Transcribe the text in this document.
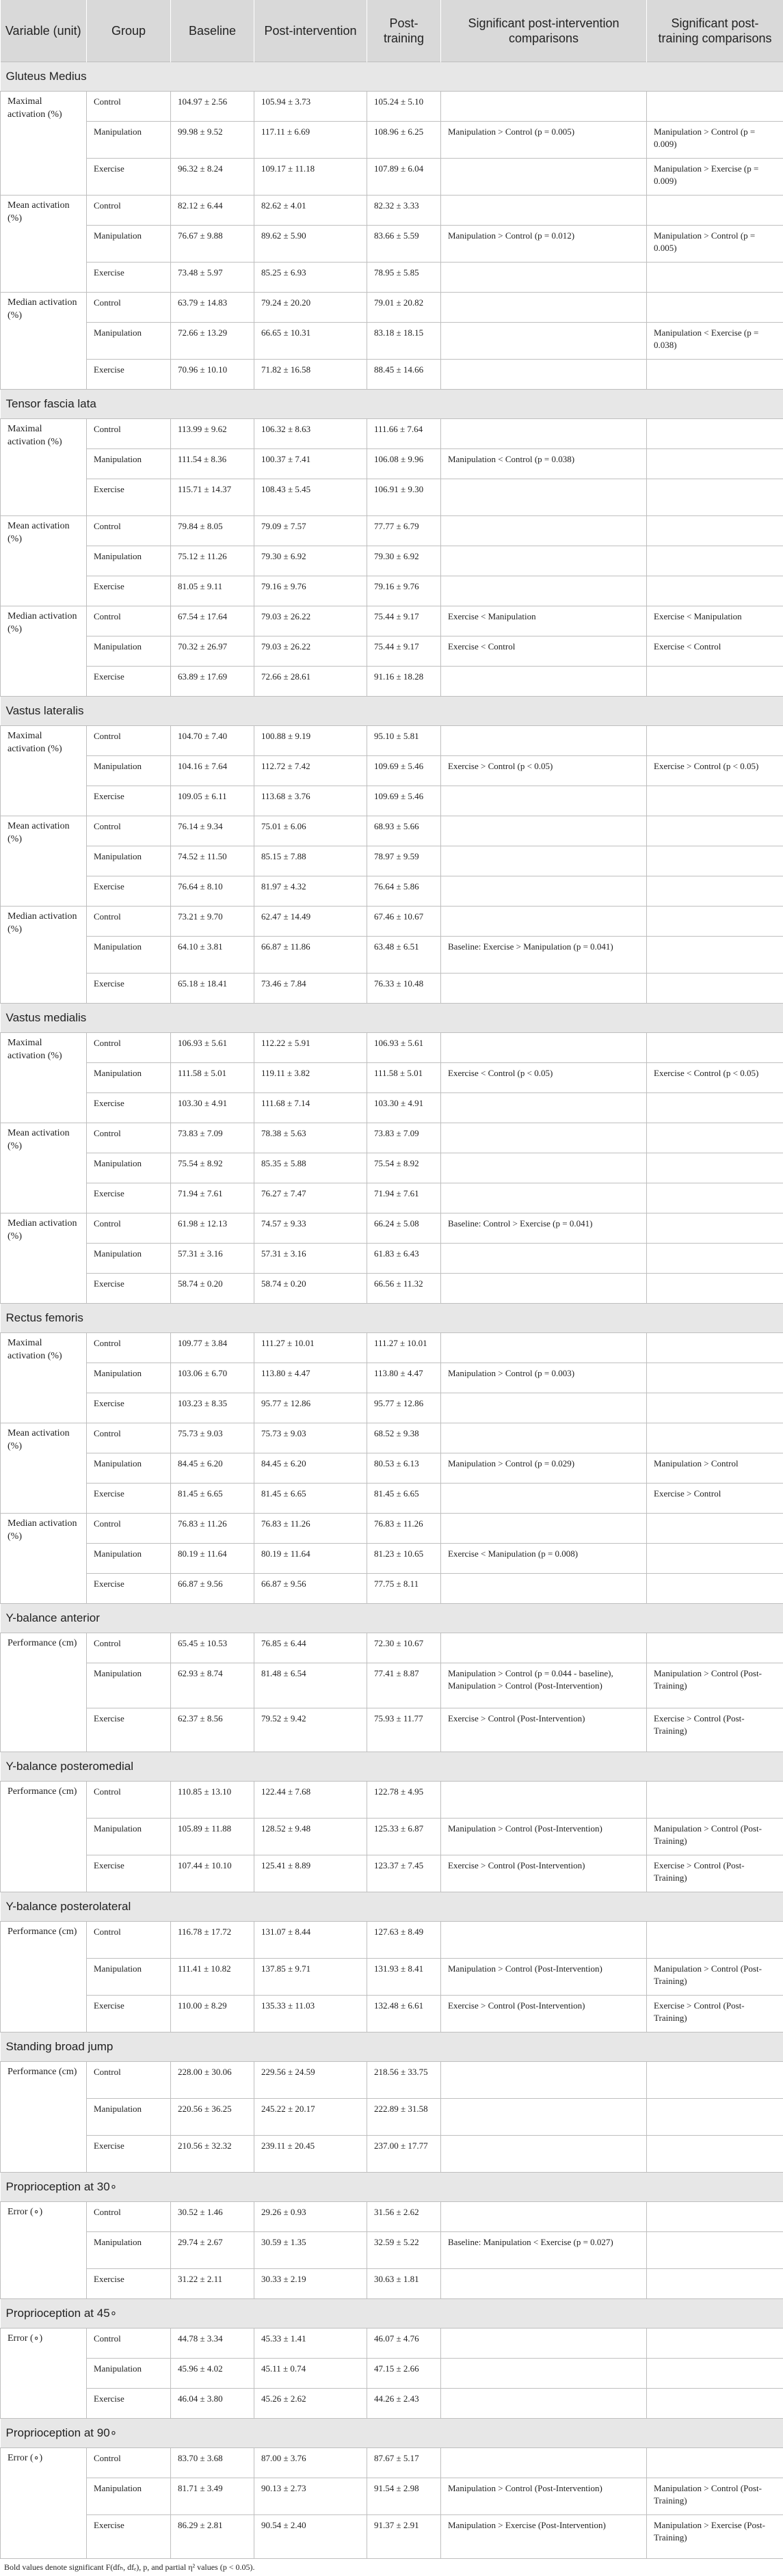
Variable (unit)	Group	Baseline	Post-intervention	Post-training	Significant post-intervention comparisons	Significant post-training comparisons
Gluteus Medius						
Maximal activation (%)	Control	104.97 ± 2.56	105.94 ± 3.73	105.24 ± 5.10		
	Manipulation	99.98 ± 9.52	117.11 ± 6.69	108.96 ± 6.25	Manipulation > Control (p = 0.005)	Manipulation > Control (p = 0.009)
	Exercise	96.32 ± 8.24	109.17 ± 11.18	107.89 ± 6.04		Manipulation > Exercise (p = 0.009)
Mean activation (%)	Control	82.12 ± 6.44	82.62 ± 4.01	82.32 ± 3.33		
	Manipulation	76.67 ± 9.88	89.62 ± 5.90	83.66 ± 5.59	Manipulation > Control (p = 0.012)	Manipulation > Control (p = 0.005)
	Exercise	73.48 ± 5.97	85.25 ± 6.93	78.95 ± 5.85		
Median activation (%)	Control	63.79 ± 14.83	79.24 ± 20.20	79.01 ± 20.82		
	Manipulation	72.66 ± 13.29	66.65 ± 10.31	83.18 ± 18.15		Manipulation < Exercise (p = 0.038)
	Exercise	70.96 ± 10.10	71.82 ± 16.58	88.45 ± 14.66		
Tensor fascia lata						
Maximal activation (%)	Control	113.99 ± 9.62	106.32 ± 8.63	111.66 ± 7.64		
	Manipulation	111.54 ± 8.36	100.37 ± 7.41	106.08 ± 9.96	Manipulation < Control (p = 0.038)	
	Exercise	115.71 ± 14.37	108.43 ± 5.45	106.91 ± 9.30		
Mean activation (%)	Control	79.84 ± 8.05	79.09 ± 7.57	77.77 ± 6.79		
	Manipulation	75.12 ± 11.26	79.30 ± 6.92	79.30 ± 6.92		
	Exercise	81.05 ± 9.11	79.16 ± 9.76	79.16 ± 9.76		
Median activation (%)	Control	67.54 ± 17.64	79.03 ± 26.22	75.44 ± 9.17	Exercise < Manipulation	Exercise < Manipulation
	Manipulation	70.32 ± 26.97	79.03 ± 26.22	75.44 ± 9.17	Exercise < Control	Exercise < Control
	Exercise	63.89 ± 17.69	72.66 ± 28.61	91.16 ± 18.28		
Vastus lateralis						
Maximal activation (%)	Control	104.70 ± 7.40	100.88 ± 9.19	95.10 ± 5.81		
	Manipulation	104.16 ± 7.64	112.72 ± 7.42	109.69 ± 5.46	Exercise > Control (p < 0.05)	Exercise > Control (p < 0.05)
	Exercise	109.05 ± 6.11	113.68 ± 3.76	109.69 ± 5.46		
Mean activation (%)	Control	76.14 ± 9.34	75.01 ± 6.06	68.93 ± 5.66		
	Manipulation	74.52 ± 11.50	85.15 ± 7.88	78.97 ± 9.59		
	Exercise	76.64 ± 8.10	81.97 ± 4.32	76.64 ± 5.86		
Median activation (%)	Control	73.21 ± 9.70	62.47 ± 14.49	67.46 ± 10.67		
	Manipulation	64.10 ± 3.81	66.87 ± 11.86	63.48 ± 6.51	Baseline: Exercise > Manipulation (p = 0.041)	
	Exercise	65.18 ± 18.41	73.46 ± 7.84	76.33 ± 10.48		
Vastus medialis						
Maximal activation (%)	Control	106.93 ± 5.61	112.22 ± 5.91	106.93 ± 5.61		
	Manipulation	111.58 ± 5.01	119.11 ± 3.82	111.58 ± 5.01	Exercise < Control (p < 0.05)	Exercise < Control (p < 0.05)
	Exercise	103.30 ± 4.91	111.68 ± 7.14	103.30 ± 4.91		
Mean activation (%)	Control	73.83 ± 7.09	78.38 ± 5.63	73.83 ± 7.09		
	Manipulation	75.54 ± 8.92	85.35 ± 5.88	75.54 ± 8.92		
	Exercise	71.94 ± 7.61	76.27 ± 7.47	71.94 ± 7.61		
Median activation (%)	Control	61.98 ± 12.13	74.57 ± 9.33	66.24 ± 5.08	Baseline: Control > Exercise (p = 0.041)	
	Manipulation	57.31 ± 3.16	57.31 ± 3.16	61.83 ± 6.43		
	Exercise	58.74 ± 0.20	58.74 ± 0.20	66.56 ± 11.32		
Rectus femoris						
Maximal activation (%)	Control	109.77 ± 3.84	111.27 ± 10.01	111.27 ± 10.01		
	Manipulation	103.06 ± 6.70	113.80 ± 4.47	113.80 ± 4.47	Manipulation > Control (p = 0.003)	
	Exercise	103.23 ± 8.35	95.77 ± 12.86	95.77 ± 12.86		
Mean activation (%)	Control	75.73 ± 9.03	75.73 ± 9.03	68.52 ± 9.38		
	Manipulation	84.45 ± 6.20	84.45 ± 6.20	80.53 ± 6.13	Manipulation > Control (p = 0.029)	Manipulation > Control
	Exercise	81.45 ± 6.65	81.45 ± 6.65	81.45 ± 6.65		Exercise > Control
Median activation (%)	Control	76.83 ± 11.26	76.83 ± 11.26	76.83 ± 11.26		
	Manipulation	80.19 ± 11.64	80.19 ± 11.64	81.23 ± 10.65	Exercise < Manipulation (p = 0.008)	
	Exercise	66.87 ± 9.56	66.87 ± 9.56	77.75 ± 8.11		
Y-balance anterior						
Performance (cm)	Control	65.45 ± 10.53	76.85 ± 6.44	72.30 ± 10.67		
	Manipulation	62.93 ± 8.74	81.48 ± 6.54	77.41 ± 8.87	Manipulation > Control (p = 0.044 - baseline), Manipulation > Control (Post-Intervention)	Manipulation > Control (Post-Training)
	Exercise	62.37 ± 8.56	79.52 ± 9.42	75.93 ± 11.77	Exercise > Control (Post-Intervention)	Exercise > Control (Post-Training)
Y-balance posteromedial						
Performance (cm)	Control	110.85 ± 13.10	122.44 ± 7.68	122.78 ± 4.95		
	Manipulation	105.89 ± 11.88	128.52 ± 9.48	125.33 ± 6.87	Manipulation > Control (Post-Intervention)	Manipulation > Control (Post-Training)
	Exercise	107.44 ± 10.10	125.41 ± 8.89	123.37 ± 7.45	Exercise > Control (Post-Intervention)	Exercise > Control (Post-Training)
Y-balance posterolateral						
Performance (cm)	Control	116.78 ± 17.72	131.07 ± 8.44	127.63 ± 8.49		
	Manipulation	111.41 ± 10.82	137.85 ± 9.71	131.93 ± 8.41	Manipulation > Control (Post-Intervention)	Manipulation > Control (Post-Training)
	Exercise	110.00 ± 8.29	135.33 ± 11.03	132.48 ± 6.61	Exercise > Control (Post-Intervention)	Exercise > Control (Post-Training)
Standing broad jump						
Performance (cm)	Control	228.00 ± 30.06	229.56 ± 24.59	218.56 ± 33.75		
	Manipulation	220.56 ± 36.25	245.22 ± 20.17	222.89 ± 31.58		
	Exercise	210.56 ± 32.32	239.11 ± 20.45	237.00 ± 17.77		
Proprioception at 30∘						
Error (∘)	Control	30.52 ± 1.46	29.26 ± 0.93	31.56 ± 2.62		
	Manipulation	29.74 ± 2.67	30.59 ± 1.35	32.59 ± 5.22	Baseline: Manipulation < Exercise (p = 0.027)	
	Exercise	31.22 ± 2.11	30.33 ± 2.19	30.63 ± 1.81		
Proprioception at 45∘						
Error (∘)	Control	44.78 ± 3.34	45.33 ± 1.41	46.07 ± 4.76		
	Manipulation	45.96 ± 4.02	45.11 ± 0.74	47.15 ± 2.66		
	Exercise	46.04 ± 3.80	45.26 ± 2.62	44.26 ± 2.43		
Proprioception at 90∘						
Error (∘)	Control	83.70 ± 3.68	87.00 ± 3.76	87.67 ± 5.17		
	Manipulation	81.71 ± 3.49	90.13 ± 2.73	91.54 ± 2.98	Manipulation > Control (Post-Intervention)	Manipulation > Control (Post-Training)
	Exercise	86.29 ± 2.81	90.54 ± 2.40	91.37 ± 2.91	Manipulation > Exercise (Post-Intervention)	Manipulation > Exercise (Post-Training)
Bold values denote significant F(dfₕ, dfₑ), p, and partial η² values (p < 0.05).
